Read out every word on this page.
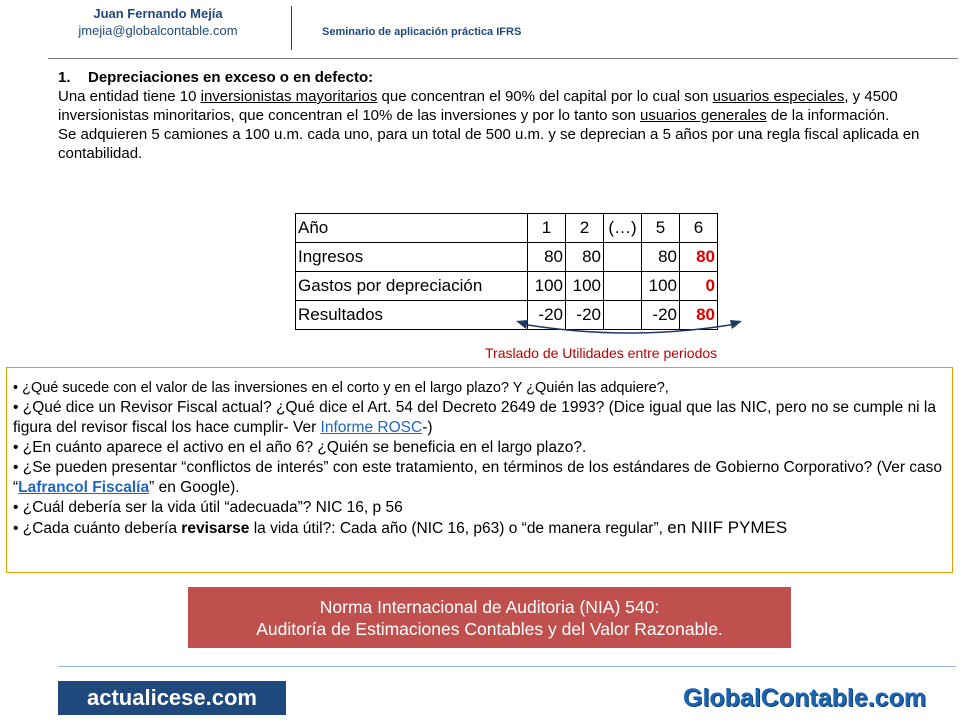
Juan Fernando Mejía
jmejia@globalcontable.com	Seminario de aplicación práctica IFRS
1. Depreciaciones en exceso o en defecto:

Una entidad tiene 10 inversionistas mayoritarios que concentran el 90% del capital por lo cual son usuarios especiales, y 4500 inversionistas minoritarios, que concentran el 10% de las inversiones y por lo tanto son usuarios generales de la información.

Se adquieren 5 camiones a 100 u.m. cada uno, para un total de 500 u.m. y se deprecian a 5 años por una regla fiscal aplicada en contabilidad.

Año	1	2	(…)	5	6
Ingresos	80	80		80	80
Gastos por depreciación	100	100		100	0
Resultados	-20	-20		-20	80
Traslado de Utilidades entre periodos

• ¿Qué sucede con el valor de las inversiones en el corto y en el largo plazo? Y ¿Quién las adquiere?,

• ¿Qué dice un Revisor Fiscal actual? ¿Qué dice el Art. 54 del Decreto 2649 de 1993? (Dice igual que las NIC, pero no se cumple ni la figura del revisor fiscal los hace cumplir- Ver Informe ROSC-)

• ¿En cuánto aparece el activo en el año 6? ¿Quién se beneficia en el largo plazo?.

• ¿Se pueden presentar “conflictos de interés” con este tratamiento, en términos de los estándares de Gobierno Corporativo? (Ver caso “Lafrancol Fiscalía” en Google).

• ¿Cuál debería ser la vida útil “adecuada”? NIC 16, p 56

• ¿Cada cuánto debería revisarse la vida útil?: Cada año (NIC 16, p63) o “de manera regular”, en NIIF PYMES

Norma Internacional de Auditoria (NIA) 540:
Auditoría de Estimaciones Contables y del Valor Razonable.
actualicese.com	GlobalContable.com
